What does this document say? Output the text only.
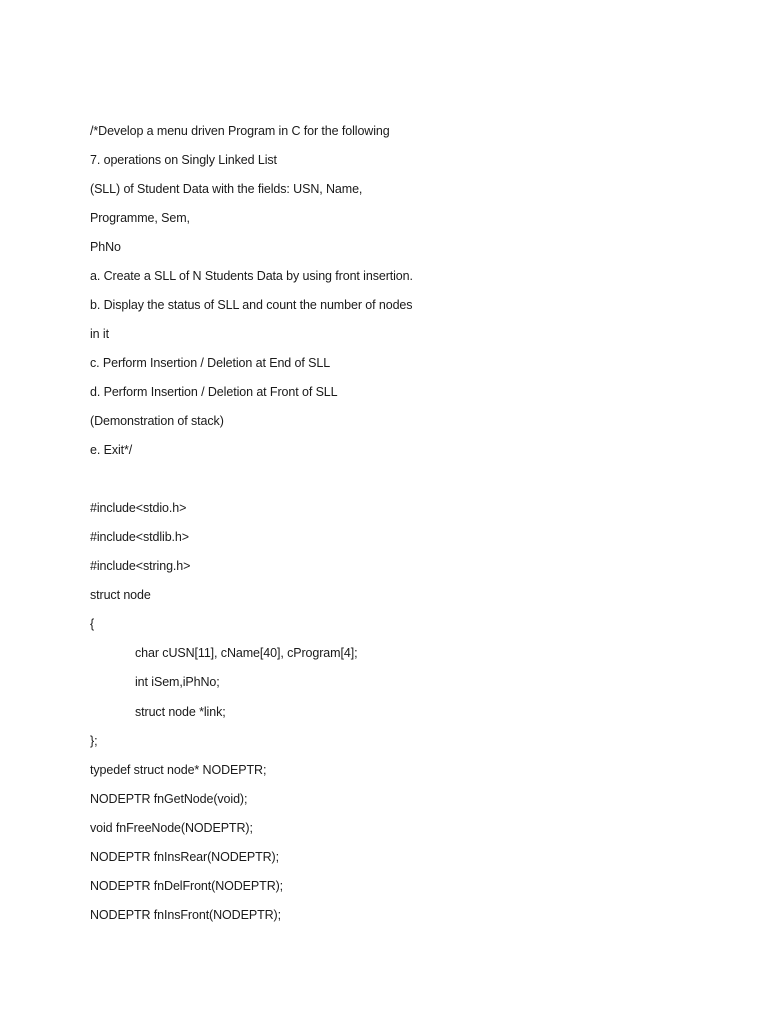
/*Develop a menu driven Program in C for the following
7. operations on Singly Linked List
(SLL) of Student Data with the fields: USN, Name,
Programme, Sem,
PhNo
a. Create a SLL of N Students Data by using front insertion.
b. Display the status of SLL and count the number of nodes
in it
c. Perform Insertion / Deletion at End of SLL
d. Perform Insertion / Deletion at Front of SLL
(Demonstration of stack)
e. Exit*/
#include<stdio.h>
#include<stdlib.h>
#include<string.h>
struct node
{
char cUSN[11], cName[40], cProgram[4];
int iSem,iPhNo;
struct node *link;
};
typedef struct node* NODEPTR;
NODEPTR fnGetNode(void);
void fnFreeNode(NODEPTR);
NODEPTR fnInsRear(NODEPTR);
NODEPTR fnDelFront(NODEPTR);
NODEPTR fnInsFront(NODEPTR);
